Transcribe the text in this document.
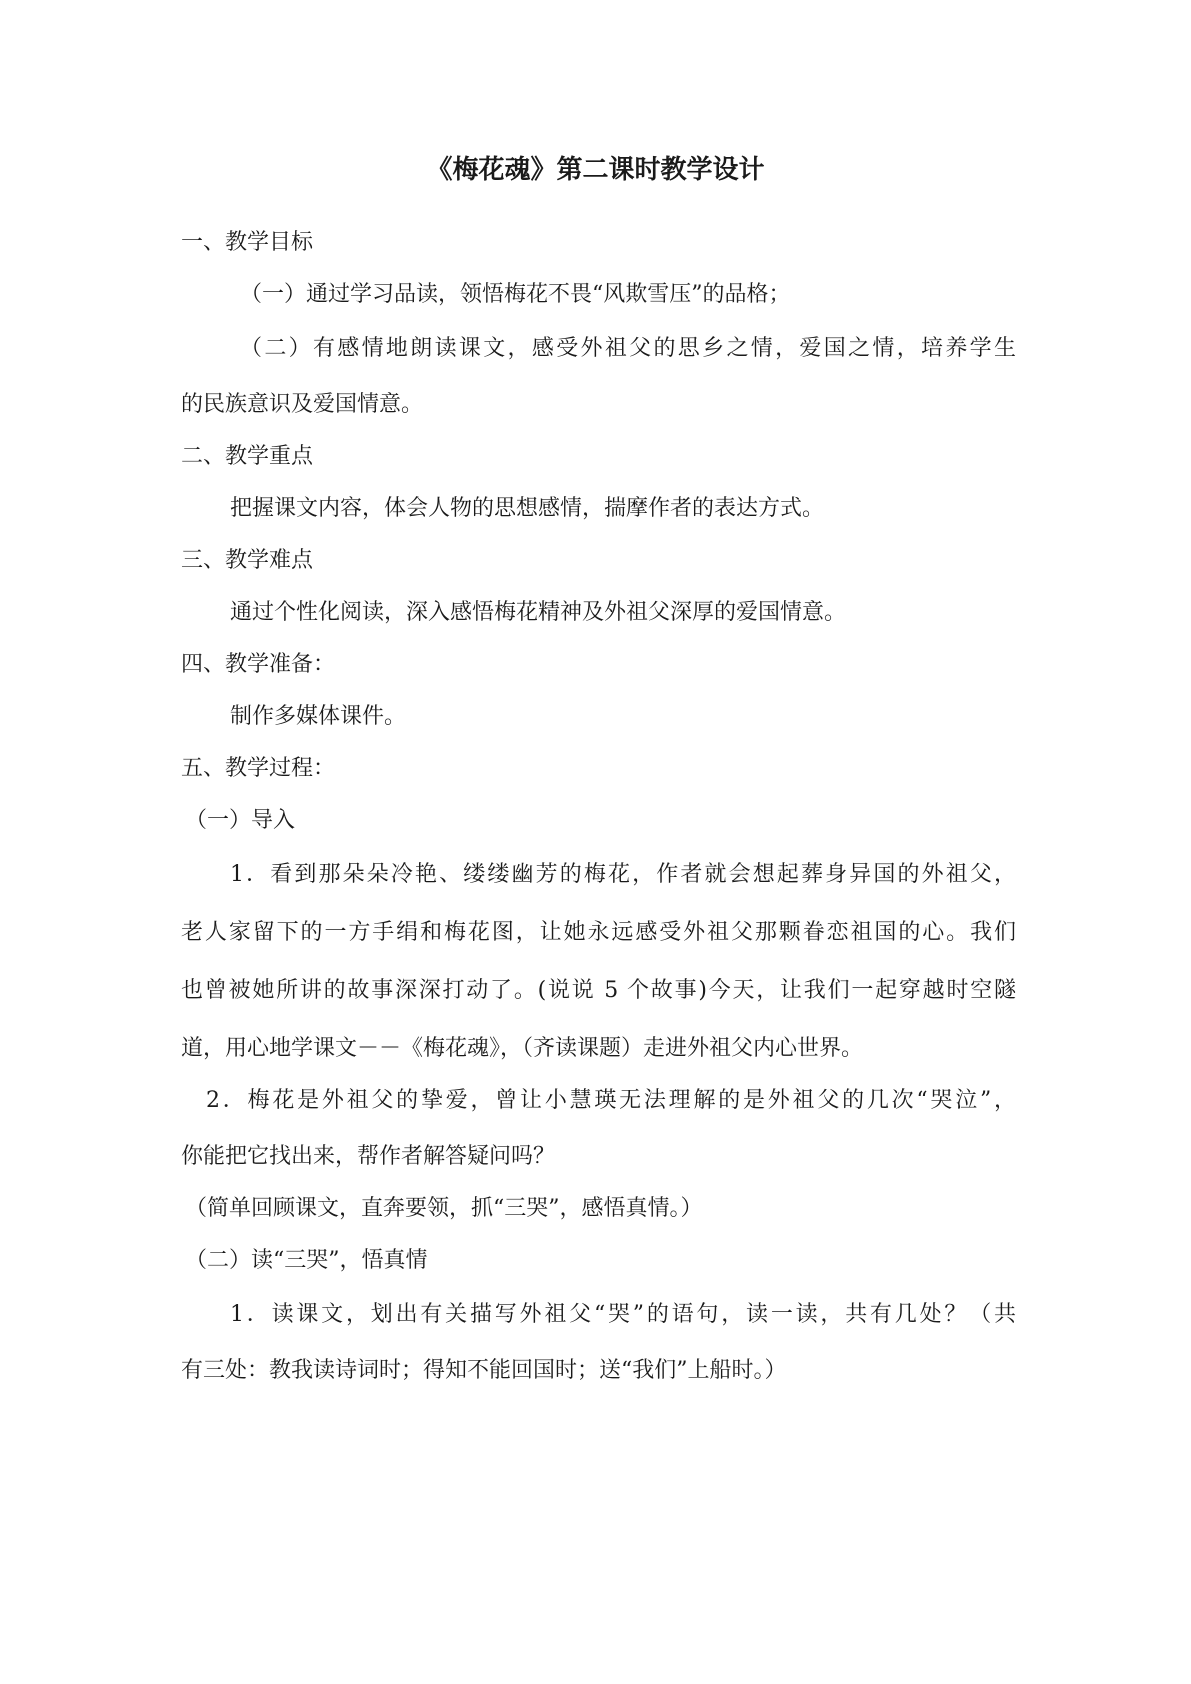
《梅花魂》第二课时教学设计
一、教学目标
（一）通过学习品读，领悟梅花不畏“风欺雪压”的品格；
（二）有感情地朗读课文，感受外祖父的思乡之情，爱国之情，培养学生
的民族意识及爱国情意。
二、教学重点
把握课文内容，体会人物的思想感情，揣摩作者的表达方式。
三、教学难点
通过个性化阅读，深入感悟梅花精神及外祖父深厚的爱国情意。
四、教学准备：
制作多媒体课件。
五、教学过程：
（一）导入
1．看到那朵朵冷艳、缕缕幽芳的梅花，作者就会想起葬身异国的外祖父，
老人家留下的一方手绢和梅花图，让她永远感受外祖父那颗眷恋祖国的心。我们
也曾被她所讲的故事深深打动了。(说说 5 个故事)今天，让我们一起穿越时空隧
道，用心地学课文－－《梅花魂》，（齐读课题）走进外祖父内心世界。
2．梅花是外祖父的挚爱，曾让小慧瑛无法理解的是外祖父的几次“哭泣”，
你能把它找出来，帮作者解答疑问吗？
（简单回顾课文，直奔要领，抓“三哭”，感悟真情。）
（二）读“三哭”，悟真情
1．读课文，划出有关描写外祖父“哭”的语句，读一读，共有几处？（共
有三处：教我读诗词时；得知不能回国时；送“我们”上船时。）
